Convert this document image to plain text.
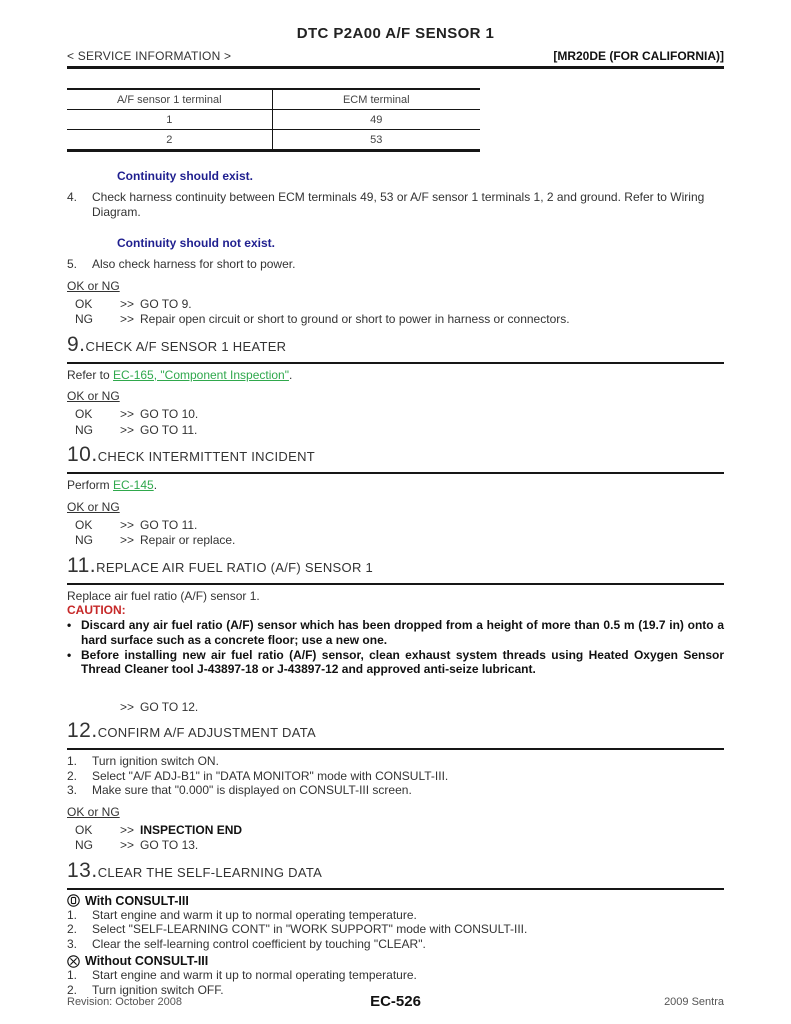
DTC P2A00 A/F SENSOR 1
< SERVICE INFORMATION >	[MR20DE (FOR CALIFORNIA)]
A/F sensor 1 terminal	ECM terminal
1	49
2	53
Continuity should exist.
4.	Check harness continuity between ECM terminals 49, 53 or A/F sensor 1 terminals 1, 2 and ground. Refer to Wiring Diagram.
Continuity should not exist.
5.	Also check harness for short to power.
OK or NG
OK	>> GO TO 9.
NG	>> Repair open circuit or short to ground or short to power in harness or connectors.
9. CHECK A/F SENSOR 1 HEATER
Refer to EC-165, "Component Inspection".
OK or NG
OK	>> GO TO 10.
NG	>> GO TO 11.
10. CHECK INTERMITTENT INCIDENT
Perform EC-145.
OK or NG
OK	>> GO TO 11.
NG	>> Repair or replace.
11. REPLACE AIR FUEL RATIO (A/F) SENSOR 1
Replace air fuel ratio (A/F) sensor 1.
CAUTION:
• Discard any air fuel ratio (A/F) sensor which has been dropped from a height of more than 0.5 m (19.7 in) onto a hard surface such as a concrete floor; use a new one.
• Before installing new air fuel ratio (A/F) sensor, clean exhaust system threads using Heated Oxygen Sensor Thread Cleaner tool J-43897-18 or J-43897-12 and approved anti-seize lubricant.
>> GO TO 12.
12. CONFIRM A/F ADJUSTMENT DATA
1.	Turn ignition switch ON.
2.	Select "A/F ADJ-B1" in "DATA MONITOR" mode with CONSULT-III.
3.	Make sure that "0.000" is displayed on CONSULT-III screen.
OK or NG
OK	>> INSPECTION END
NG	>> GO TO 13.
13. CLEAR THE SELF-LEARNING DATA
With CONSULT-III
1.	Start engine and warm it up to normal operating temperature.
2.	Select "SELF-LEARNING CONT" in "WORK SUPPORT" mode with CONSULT-III.
3.	Clear the self-learning control coefficient by touching "CLEAR".
Without CONSULT-III
1.	Start engine and warm it up to normal operating temperature.
2.	Turn ignition switch OFF.
Revision: October 2008	2009 Sentra
EC-526
